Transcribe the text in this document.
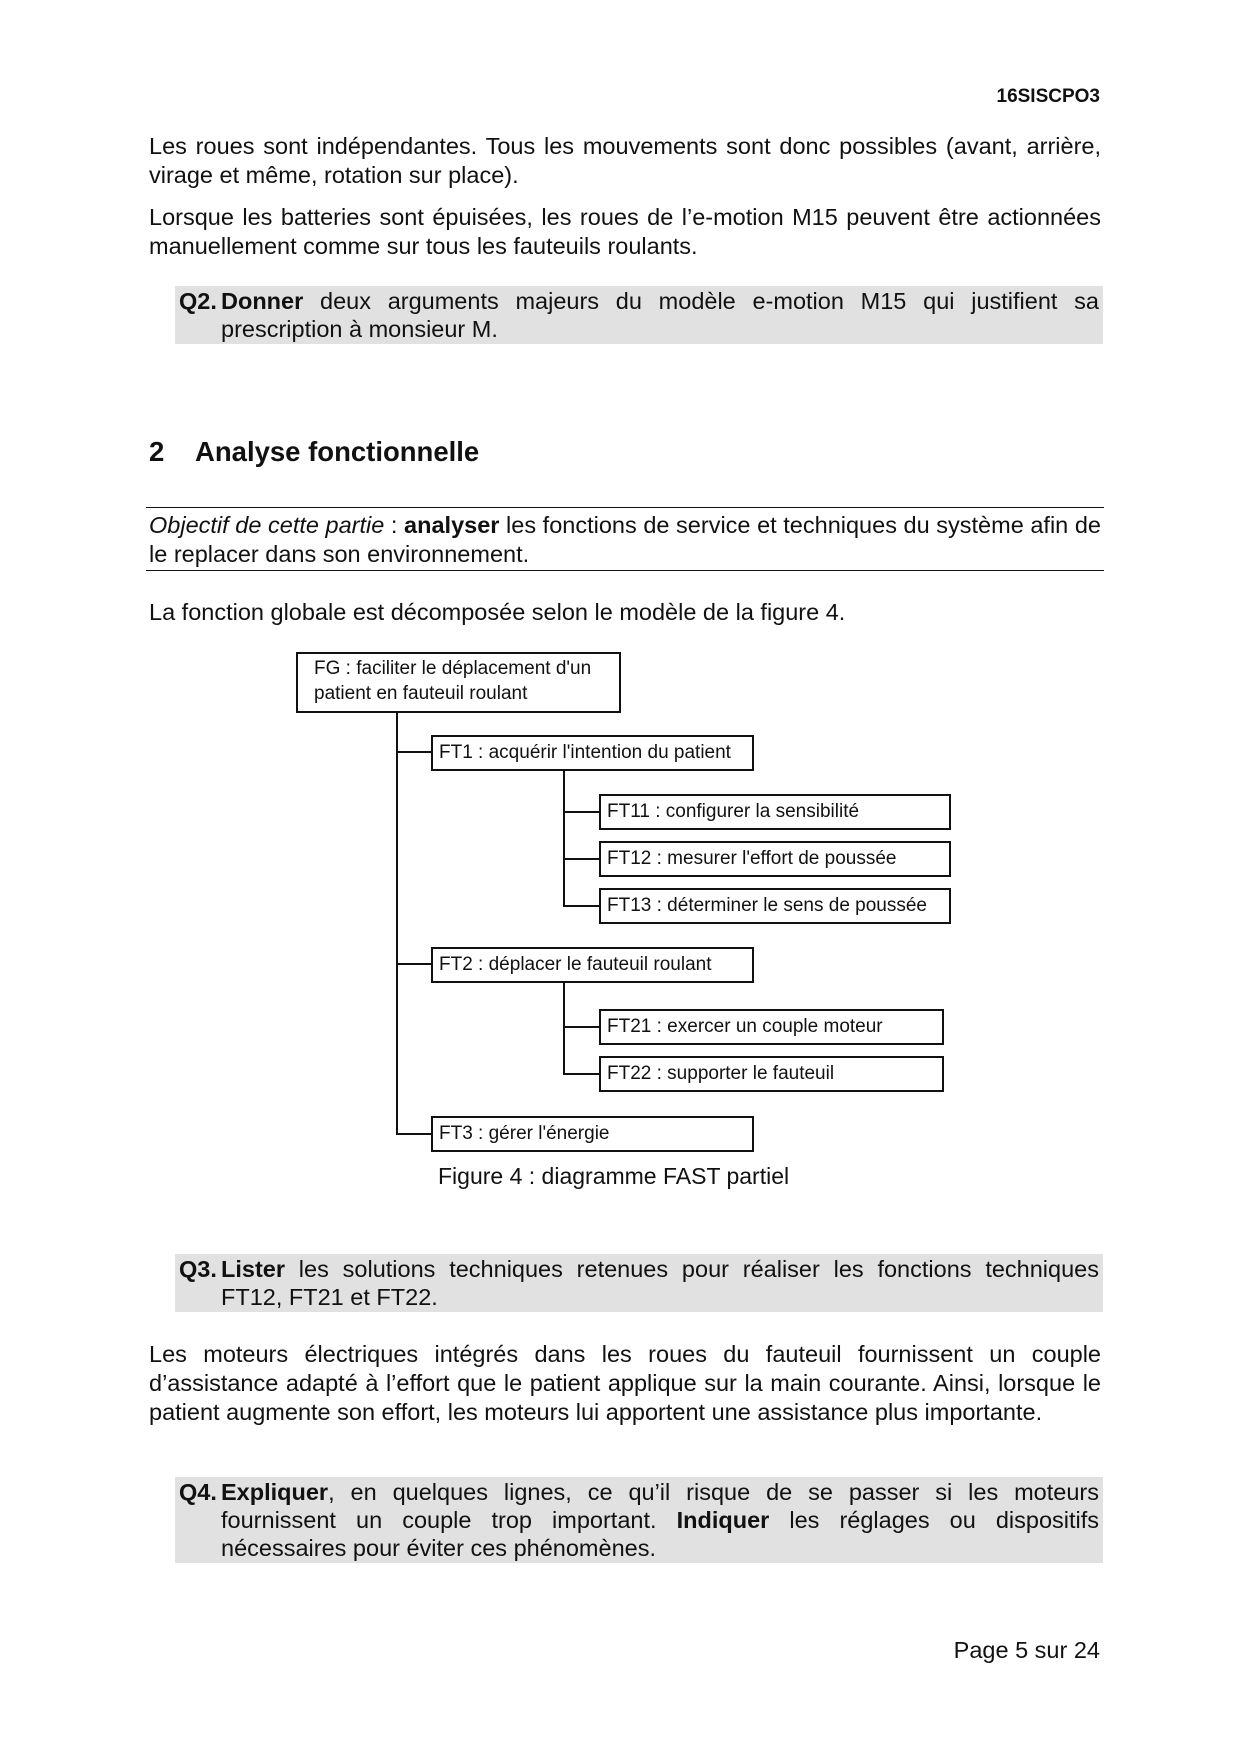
16SISCPO3

Les roues sont indépendantes. Tous les mouvements sont donc possibles (avant, arrière, virage et même, rotation sur place).

Lorsque les batteries sont épuisées, les roues de l’e-motion M15 peuvent être actionnées manuellement comme sur tous les fauteuils roulants.

Q2. Donner deux arguments majeurs du modèle e-motion M15 qui justifient sa prescription à monsieur M.
2 Analyse fonctionnelle
Objectif de cette partie : analyser les fonctions de service et techniques du système afin de le replacer dans son environnement.

La fonction globale est décomposée selon le modèle de la figure 4.

FG : faciliter le déplacement d'un patient en fauteuil roulant
FT1 : acquérir l'intention du patient
FT11 : configurer la sensibilité
FT12 : mesurer l'effort de poussée
FT13 : déterminer le sens de poussée
FT2 : déplacer le fauteuil roulant
FT21 : exercer un couple moteur
FT22 : supporter le fauteuil
FT3 : gérer l'énergie
Figure 4 : diagramme FAST partiel
Q3. Lister les solutions techniques retenues pour réaliser les fonctions techniques FT12, FT21 et FT22.

Les moteurs électriques intégrés dans les roues du fauteuil fournissent un couple d’assistance adapté à l’effort que le patient applique sur la main courante. Ainsi, lorsque le patient augmente son effort, les moteurs lui apportent une assistance plus importante.

Q4. Expliquer, en quelques lignes, ce qu’il risque de se passer si les moteurs fournissent un couple trop important. Indiquer les réglages ou dispositifs nécessaires pour éviter ces phénomènes.
Page 5 sur 24
